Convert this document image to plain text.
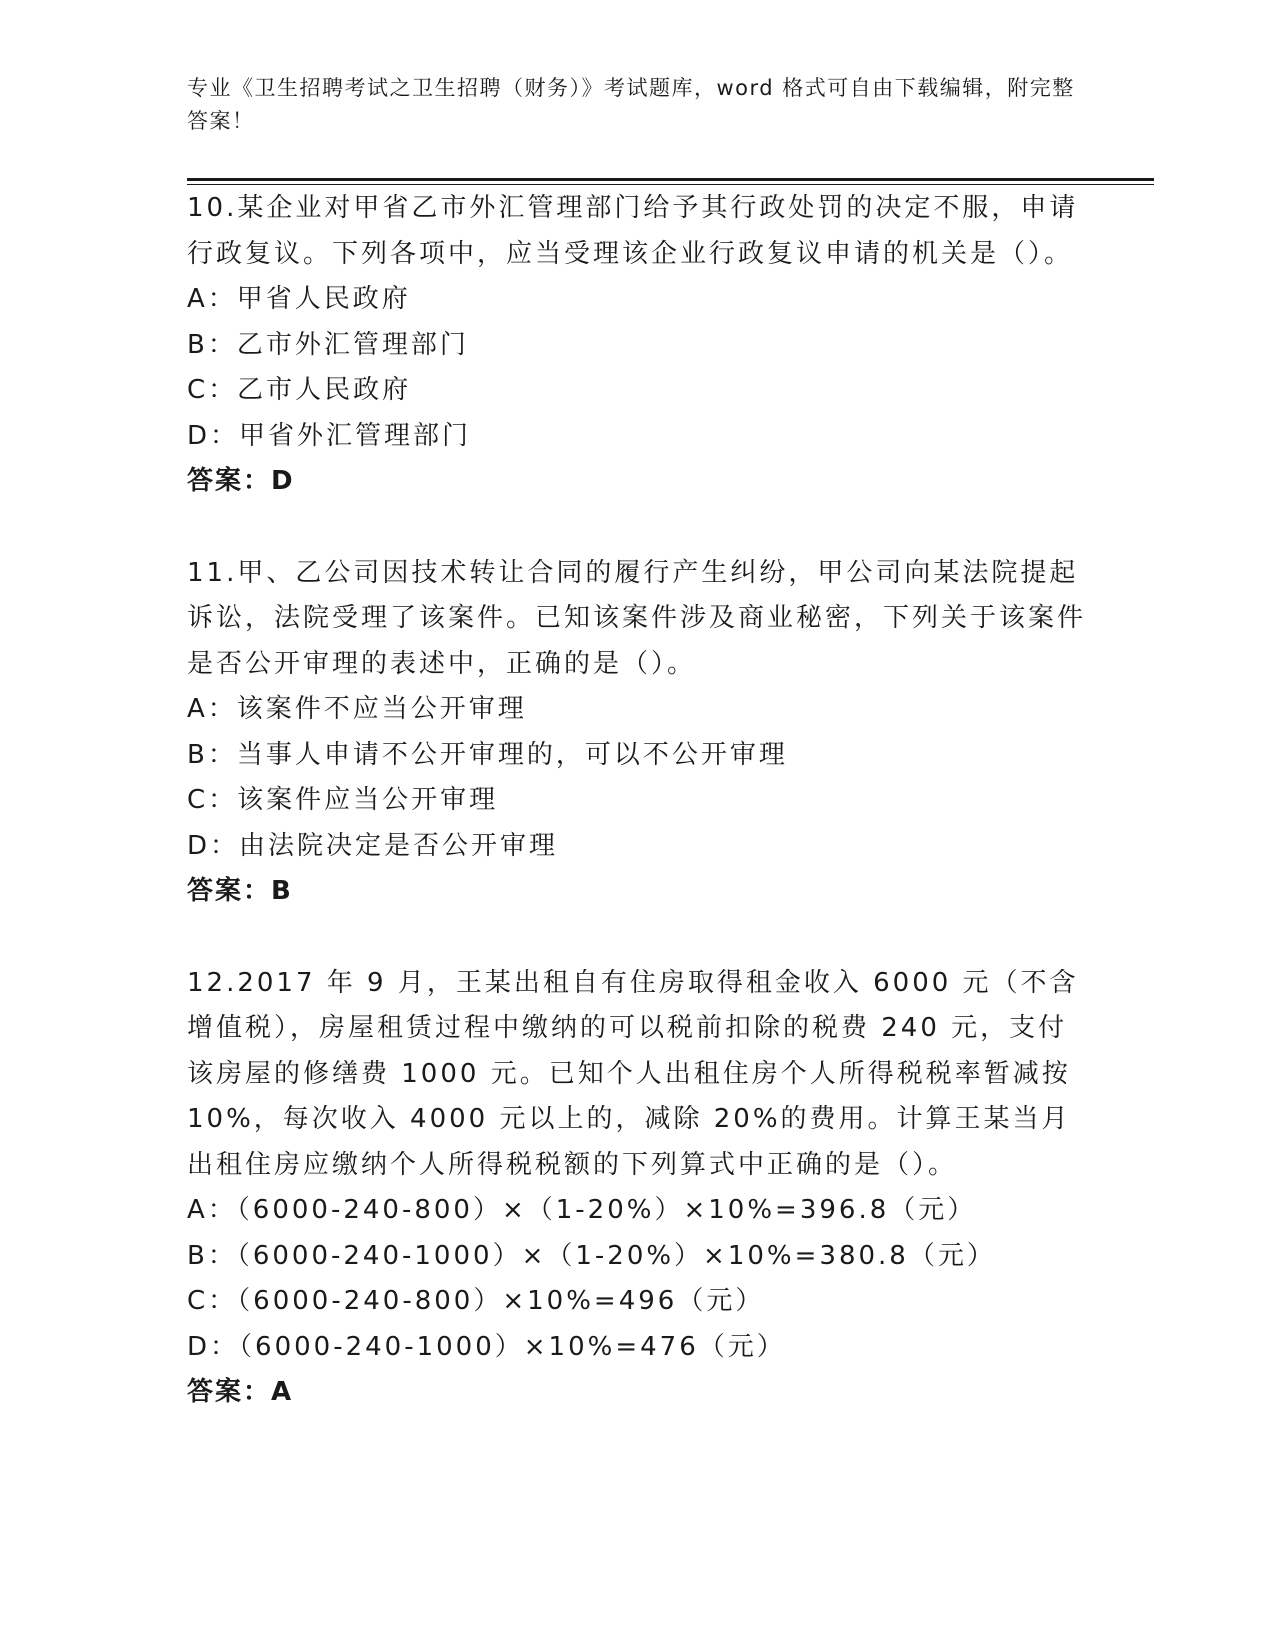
专业《卫生招聘考试之卫生招聘（财务）》考试题库，word 格式可自由下载编辑，附完整答案！

10.某企业对甲省乙市外汇管理部门给予其行政处罚的决定不服，申请行政复议。下列各项中，应当受理该企业行政复议申请的机关是（）。

A：甲省人民政府

B：乙市外汇管理部门

C：乙市人民政府

D：甲省外汇管理部门

答案：D

11.甲、乙公司因技术转让合同的履行产生纠纷，甲公司向某法院提起诉讼，法院受理了该案件。已知该案件涉及商业秘密，下列关于该案件是否公开审理的表述中，正确的是（）。

A：该案件不应当公开审理

B：当事人申请不公开审理的，可以不公开审理

C：该案件应当公开审理

D：由法院决定是否公开审理

答案：B

12.2017 年 9 月，王某出租自有住房取得租金收入 6000 元（不含增值税），房屋租赁过程中缴纳的可以税前扣除的税费 240 元，支付该房屋的修缮费 1000 元。已知个人出租住房个人所得税税率暂减按 10%，每次收入 4000 元以上的，减除 20%的费用。计算王某当月出租住房应缴纳个人所得税税额的下列算式中正确的是（）。

A：（6000-240-800）×（1-20%）×10%=396.8（元）

B：（6000-240-1000）×（1-20%）×10%=380.8（元）

C：（6000-240-800）×10%=496（元）

D：（6000-240-1000）×10%=476（元）

答案：A
